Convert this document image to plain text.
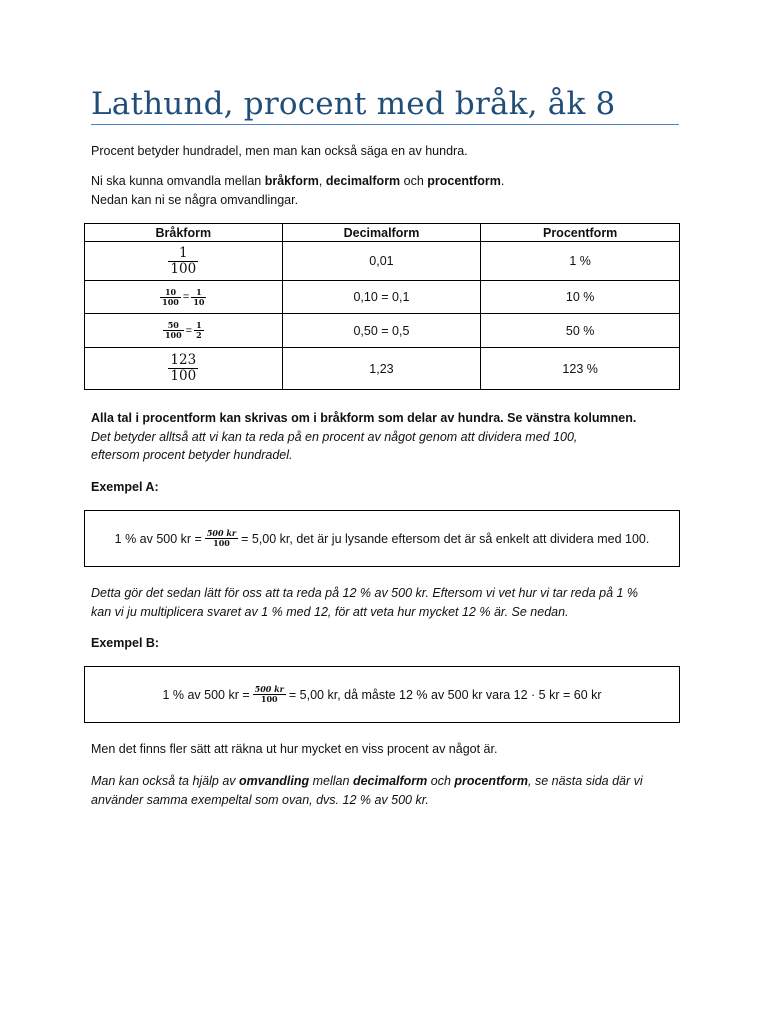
Lathund, procent med bråk, åk 8
Procent betyder hundradel, men man kan också säga en av hundra.
Ni ska kunna omvandla mellan bråkform, decimalform och procentform.
Nedan kan ni se några omvandlingar.
Bråkform	Decimalform	Procentform

$\frac{1}{100}$	0,01	1 %

$\frac{10}{100} = \frac{1}{10}$	0,10 = 0,1	10 %

$\frac{50}{100} = \frac{1}{2}$	0,50 = 0,5	50 %

$\frac{123}{100}$	1,23	123 %
Alla tal i procentform kan skrivas om i bråkform som delar av hundra. Se vänstra kolumnen.
Det betyder alltså att vi kan ta reda på en procent av något genom att dividera med 100,
eftersom procent betyder hundradel.
Exempel A:
1 % av 500 kr = $\frac{500 kr}{100} = 5,00$ kr, det är ju lysande eftersom det är så enkelt att dividera med 100.
Detta gör det sedan lätt för oss att ta reda på 12 % av 500 kr. Eftersom vi vet hur vi tar reda på 1 %
kan vi ju multiplicera svaret av 1 % med 12, för att veta hur mycket 12 % är. Se nedan.
Exempel B:
1 % av 500 kr = $\frac{500 kr}{100} = 5,00$ kr, då måste 12 % av 500 kr vara 12 · 5 kr = 60 kr
Men det finns fler sätt att räkna ut hur mycket en viss procent av något är.
Man kan också ta hjälp av omvandling mellan decimalform och procentform, se nästa sida där vi
använder samma exempeltal som ovan, dvs. 12 % av 500 kr.
